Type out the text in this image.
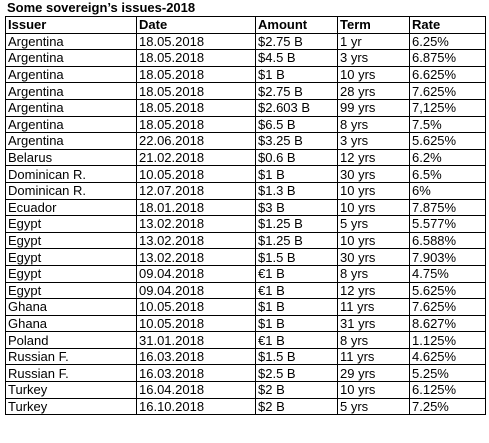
Some sovereign’s issues-2018
Issuer	Date	Amount	Term	Rate
Argentina	18.05.2018	$2.75 B	1 yr	6.25%
Argentina	18.05.2018	$4.5 B	3 yrs	6.875%
Argentina	18.05.2018	$1 B	10 yrs	6.625%
Argentina	18.05.2018	$2.75 B	28 yrs	7.625%
Argentina	18.05.2018	$2.603 B	99 yrs	7,125%
Argentina	18.05.2018	$6.5 B	8 yrs	7.5%
Argentina	22.06.2018	$3.25 B	3 yrs	5.625%
Belarus	21.02.2018	$0.6 B	12 yrs	6.2%
Dominican R.	10.05.2018	$1 B	30 yrs	6.5%
Dominican R.	12.07.2018	$1.3 B	10 yrs	6%
Ecuador	18.01.2018	$3 B	10 yrs	7.875%
Egypt	13.02.2018	$1.25 B	5 yrs	5.577%
Egypt	13.02.2018	$1.25 B	10 yrs	6.588%
Egypt	13.02.2018	$1.5 B	30 yrs	7.903%
Egypt	09.04.2018	€1 B	8 yrs	4.75%
Egypt	09.04.2018	€1 B	12 yrs	5.625%
Ghana	10.05.2018	$1 B	11 yrs	7.625%
Ghana	10.05.2018	$1 B	31 yrs	8.627%
Poland	31.01.2018	€1 B	8 yrs	1.125%
Russian F.	16.03.2018	$1.5 B	11 yrs	4.625%
Russian F.	16.03.2018	$2.5 B	29 yrs	5.25%
Turkey	16.04.2018	$2 B	10 yrs	6.125%
Turkey	16.10.2018	$2 B	5 yrs	7.25%
